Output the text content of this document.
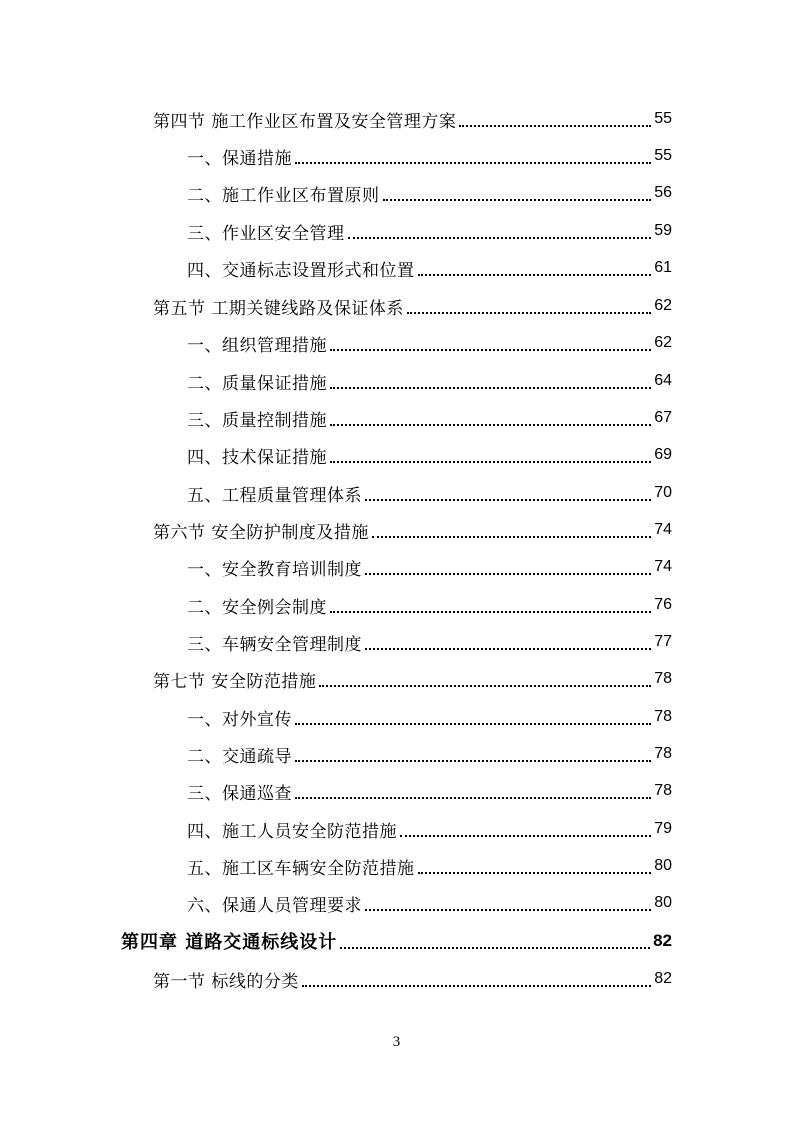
第四节 施工作业区布置及安全管理方案	55
一、保通措施	55
二、施工作业区布置原则	56
三、作业区安全管理	59
四、交通标志设置形式和位置	61
第五节 工期关键线路及保证体系	62
一、组织管理措施	62
二、质量保证措施	64
三、质量控制措施	67
四、技术保证措施	69
五、工程质量管理体系	70
第六节 安全防护制度及措施	74
一、安全教育培训制度	74
二、安全例会制度	76
三、车辆安全管理制度	77
第七节 安全防范措施	78
一、对外宣传	78
二、交通疏导	78
三、保通巡查	78
四、施工人员安全防范措施	79
五、施工区车辆安全防范措施	80
六、保通人员管理要求	80
第四章 道路交通标线设计	82
第一节 标线的分类	82
3
